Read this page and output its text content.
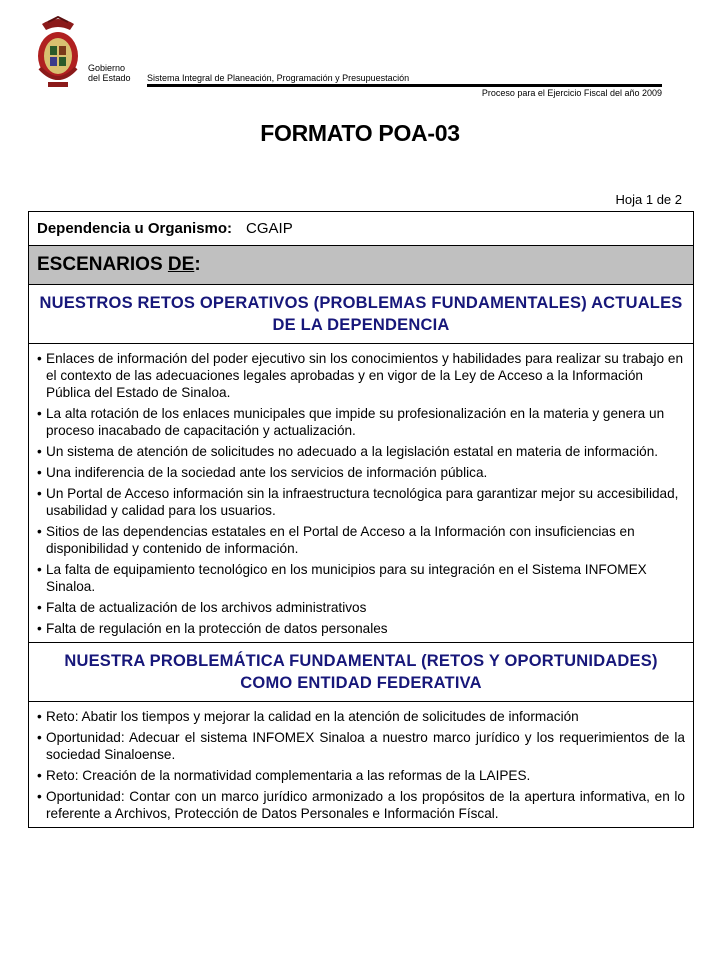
Gobierno
del Estado Sistema Integral de Planeación, Programación y Presupuestación
Proceso para el Ejercicio Fiscal del año 2009
FORMATO POA-03
Hoja 1 de 2
Dependencia u Organismo: CGAIP
ESCENARIOS DE :
NUESTROS RETOS OPERATIVOS (PROBLEMAS FUNDAMENTALES) ACTUALES DE LA DEPENDENCIA
• Enlaces de información del poder ejecutivo sin los conocimientos y habilidades para realizar su trabajo en el contexto de las adecuaciones legales aprobadas y en vigor de la Ley de Acceso a la Información Pública del Estado de Sinaloa.
• La alta rotación de los enlaces municipales que impide su profesionalización en la materia y genera un proceso inacabado de capacitación y actualización.
• Un sistema de atención de solicitudes no adecuado a la legislación estatal en materia de información.
• Una indiferencia de la sociedad ante los servicios de información pública.
• Un Portal de Acceso información sin la infraestructura tecnológica para garantizar mejor su accesibilidad, usabilidad y calidad para los usuarios.
• Sitios de las dependencias estatales en el Portal de Acceso a la Información con insuficiencias en disponibilidad y contenido de información.
• La falta de equipamiento tecnológico en los municipios para su integración en el Sistema INFOMEX Sinaloa.
• Falta de actualización de los archivos administrativos
• Falta de regulación en la protección de datos personales
NUESTRA PROBLEMÁTICA FUNDAMENTAL (RETOS Y OPORTUNIDADES) COMO ENTIDAD FEDERATIVA
• Reto: Abatir los tiempos y mejorar la calidad en la atención de solicitudes de información
• Oportunidad: Adecuar el sistema INFOMEX Sinaloa a nuestro marco jurídico y los requerimientos de la sociedad Sinaloense.
• Reto: Creación de la normatividad complementaria a las reformas de la LAIPES.
• Oportunidad: Contar con un marco jurídico armonizado a los propósitos de la apertura informativa, en lo referente a Archivos, Protección de Datos Personales e Información Físcal.
